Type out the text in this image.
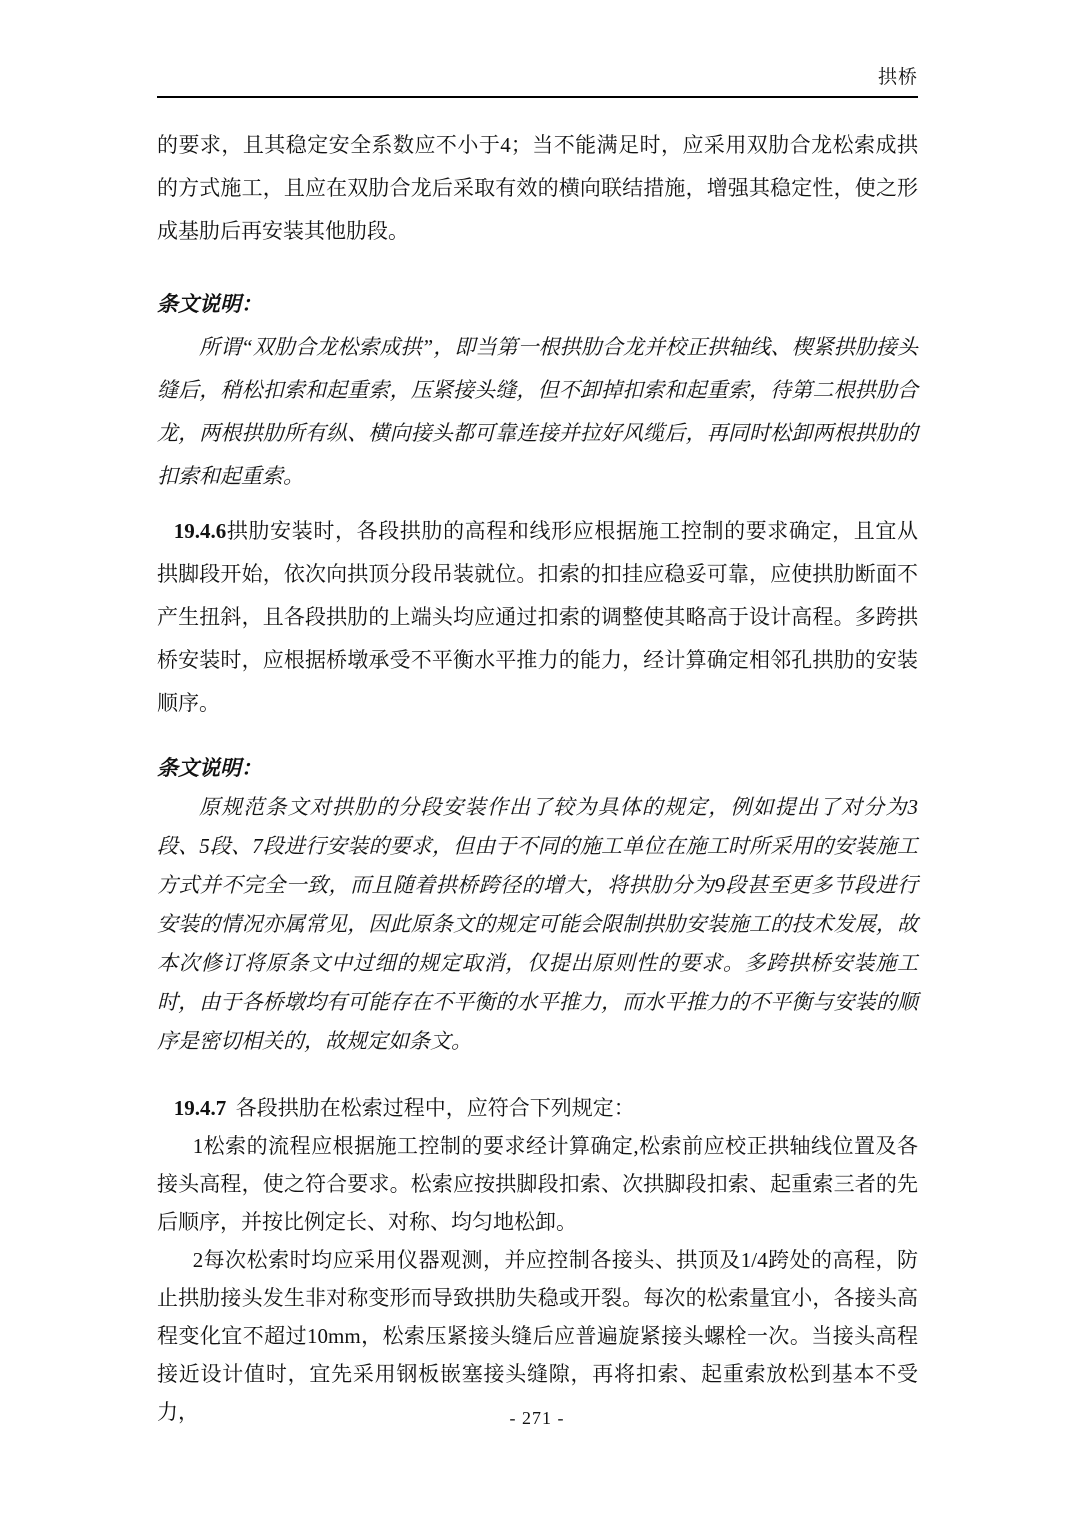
拱桥

的要求，且其稳定安全系数应不小于4；当不能满足时，应采用双肋合龙松索成拱的方式施工，且应在双肋合龙后采取有效的横向联结措施，增强其稳定性，使之形成基肋后再安装其他肋段。

条文说明：

所谓“双肋合龙松索成拱”，即当第一根拱肋合龙并校正拱轴线、楔紧拱肋接头缝后，稍松扣索和起重索，压紧接头缝，但不卸掉扣索和起重索，待第二根拱肋合龙，两根拱肋所有纵、横向接头都可靠连接并拉好风缆后，再同时松卸两根拱肋的扣索和起重索。

19.4.6拱肋安装时，各段拱肋的高程和线形应根据施工控制的要求确定，且宜从拱脚段开始，依次向拱顶分段吊装就位。扣索的扣挂应稳妥可靠，应使拱肋断面不产生扭斜，且各段拱肋的上端头均应通过扣索的调整使其略高于设计高程。多跨拱桥安装时，应根据桥墩承受不平衡水平推力的能力，经计算确定相邻孔拱肋的安装顺序。

条文说明：

原规范条文对拱肋的分段安装作出了较为具体的规定，例如提出了对分为3段、5段、7段进行安装的要求，但由于不同的施工单位在施工时所采用的安装施工方式并不完全一致，而且随着拱桥跨径的增大，将拱肋分为9段甚至更多节段进行安装的情况亦属常见，因此原条文的规定可能会限制拱肋安装施工的技术发展，故本次修订将原条文中过细的规定取消，仅提出原则性的要求。多跨拱桥安装施工时，由于各桥墩均有可能存在不平衡的水平推力，而水平推力的不平衡与安装的顺序是密切相关的，故规定如条文。

19.4.7 各段拱肋在松索过程中，应符合下列规定：

1松索的流程应根据施工控制的要求经计算确定,松索前应校正拱轴线位置及各接头高程，使之符合要求。松索应按拱脚段扣索、次拱脚段扣索、起重索三者的先后顺序，并按比例定长、对称、均匀地松卸。

2每次松索时均应采用仪器观测，并应控制各接头、拱顶及1/4跨处的高程，防止拱肋接头发生非对称变形而导致拱肋失稳或开裂。每次的松索量宜小，各接头高程变化宜不超过10mm，松索压紧接头缝后应普遍旋紧接头螺栓一次。当接头高程接近设计值时，宜先采用钢板嵌塞接头缝隙，再将扣索、起重索放松到基本不受力，	- 271 -
